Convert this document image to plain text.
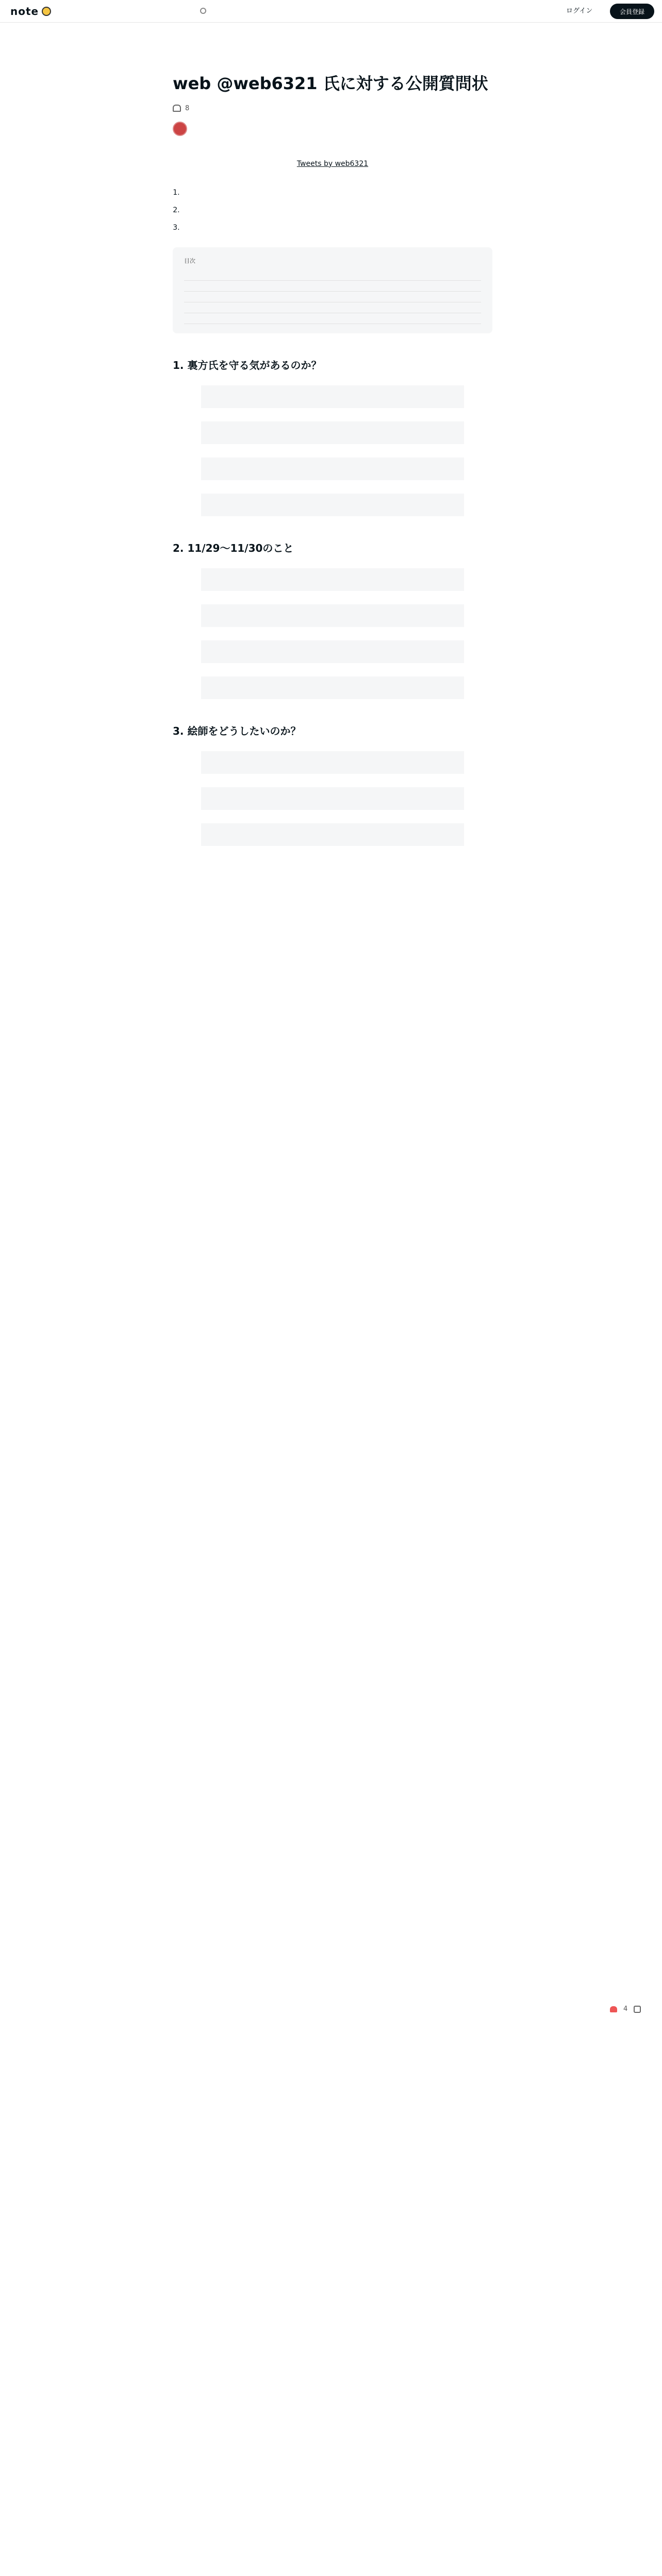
note	ログイン	会員登録
web @web6321 氏に対する公開質問状
8
Tweets by web6321
1.
2.
3.
目次
1. 裏方氏を守る気があるのか？
2. 11/29〜11/30のこと
3. 絵師をどうしたいのか？
4
